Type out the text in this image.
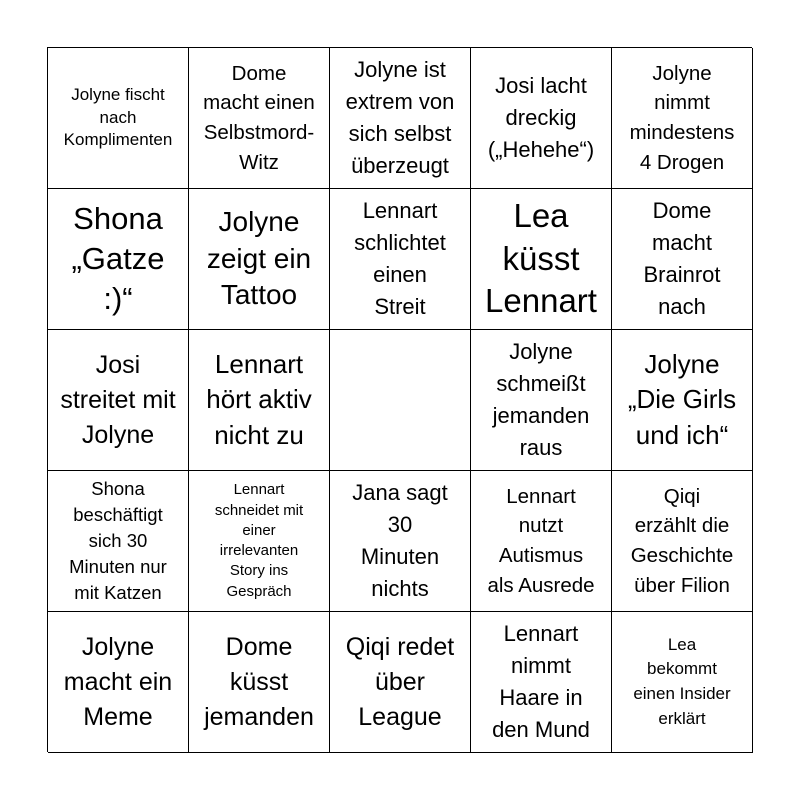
Jolyne fischt
nach
Komplimenten
Dome
macht einen
Selbstmord-
Witz
Jolyne ist
extrem von
sich selbst
überzeugt
Josi lacht
dreckig
(„Hehehe“)
Jolyne
nimmt
mindestens
4 Drogen
Shona
„Gatze
:)“
Jolyne
zeigt ein
Tattoo
Lennart
schlichtet
einen
Streit
Lea
küsst
Lennart
Dome
macht
Brainrot
nach
Josi
streitet mit
Jolyne
Lennart
hört aktiv
nicht zu
Jolyne
schmeißt
jemanden
raus
Jolyne
„Die Girls
und ich“
Shona
beschäftigt
sich 30
Minuten nur
mit Katzen
Lennart
schneidet mit
einer
irrelevanten
Story ins
Gespräch
Jana sagt
30
Minuten
nichts
Lennart
nutzt
Autismus
als Ausrede
Qiqi
erzählt die
Geschichte
über Filion
Jolyne
macht ein
Meme
Dome
küsst
jemanden
Qiqi redet
über
League
Lennart
nimmt
Haare in
den Mund
Lea
bekommt
einen Insider
erklärt
